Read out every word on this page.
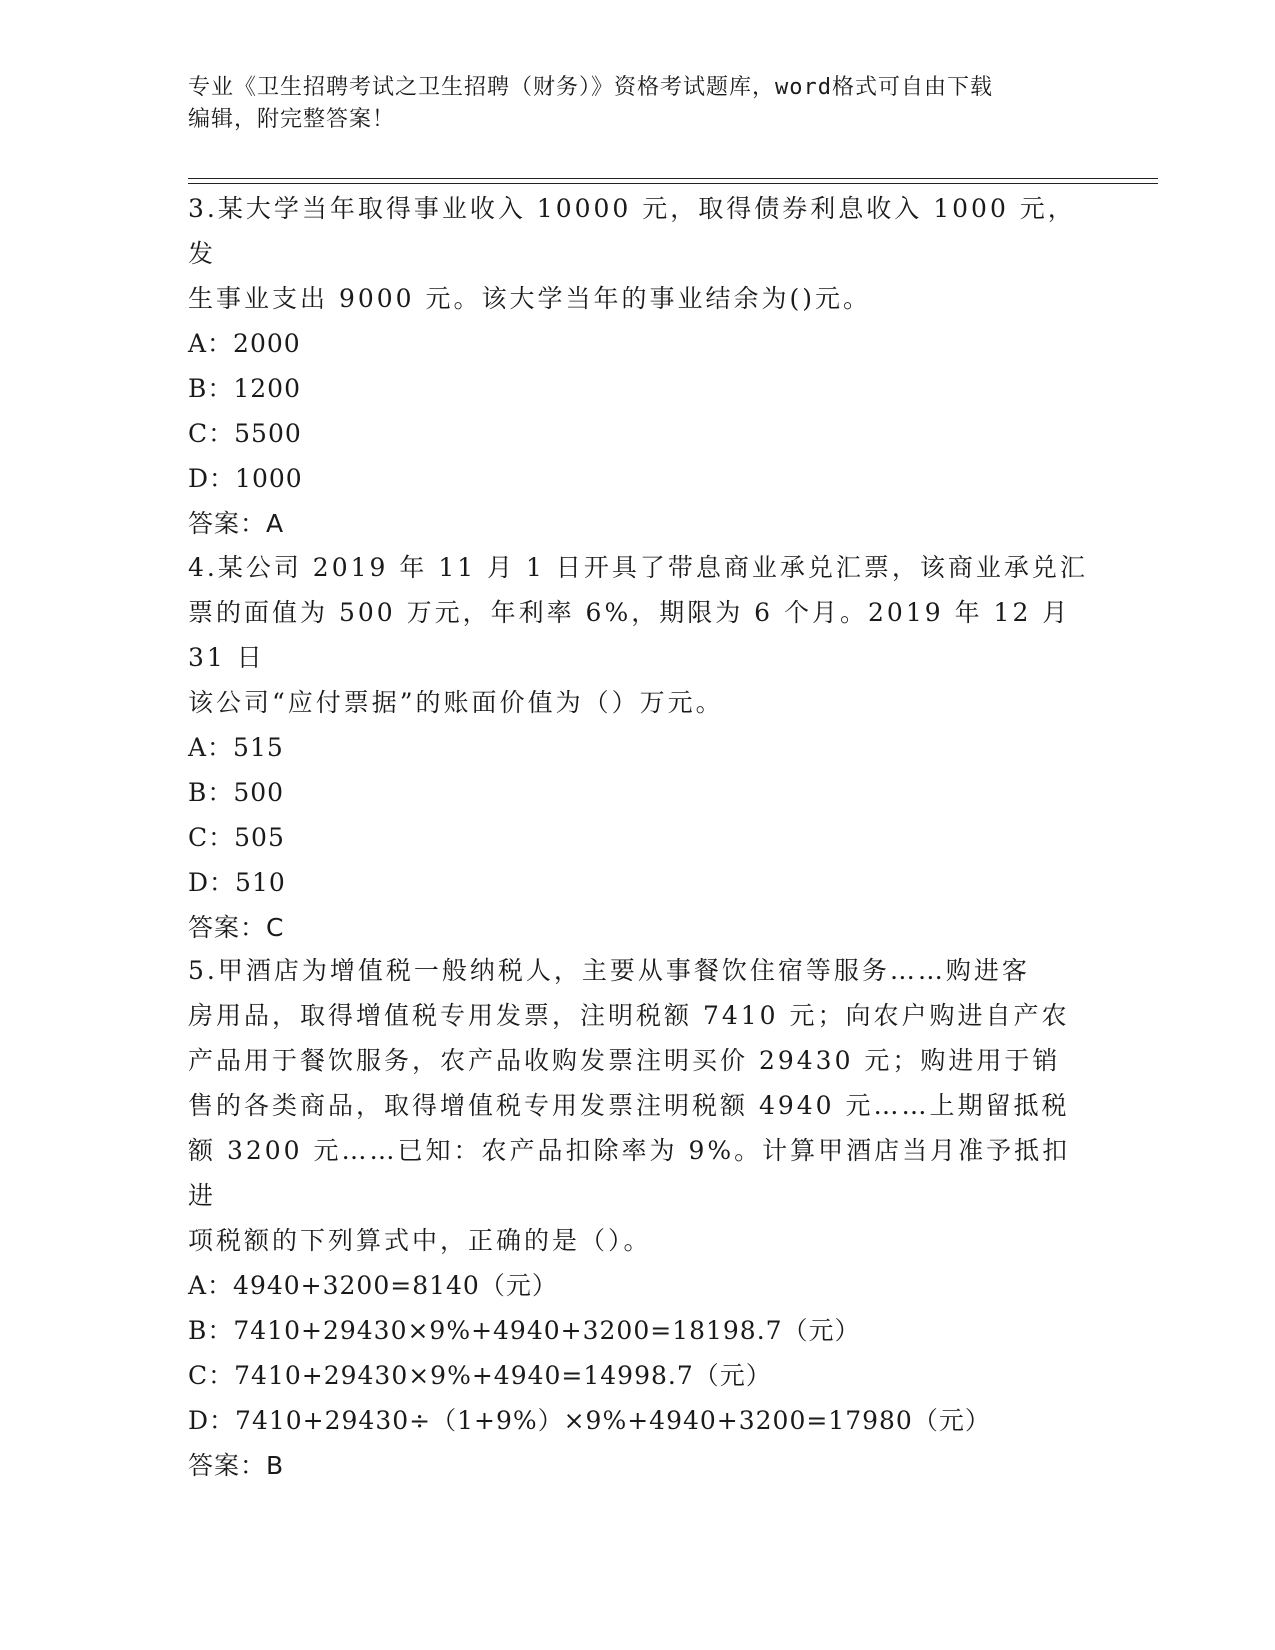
专业《卫生招聘考试之卫生招聘（财务）》资格考试题库，word格式可自由下载
编辑，附完整答案！

3.某大学当年取得事业收入 10000 元，取得债券利息收入 1000 元，发

生事业支出 9000 元。该大学当年的事业结余为()元。

A：2000

B：1200

C：5500

D：1000

答案：A

4.某公司 2019 年 11 月 1 日开具了带息商业承兑汇票，该商业承兑汇

票的面值为 500 万元，年利率 6%，期限为 6 个月。2019 年 12 月 31 日

该公司“应付票据”的账面价值为（）万元。

A：515

B：500

C：505

D：510

答案：C

5.甲酒店为增值税一般纳税人，主要从事餐饮住宿等服务……购进客

房用品，取得增值税专用发票，注明税额 7410 元；向农户购进自产农

产品用于餐饮服务，农产品收购发票注明买价 29430 元；购进用于销

售的各类商品，取得增值税专用发票注明税额 4940 元……上期留抵税

额 3200 元……已知：农产品扣除率为 9%。计算甲酒店当月准予抵扣进

项税额的下列算式中，正确的是（）。

A：4940+3200=8140（元）

B：7410+29430×9%+4940+3200=18198.7（元）

C：7410+29430×9%+4940=14998.7（元）

D：7410+29430÷（1+9%）×9%+4940+3200=17980（元）

答案：B
